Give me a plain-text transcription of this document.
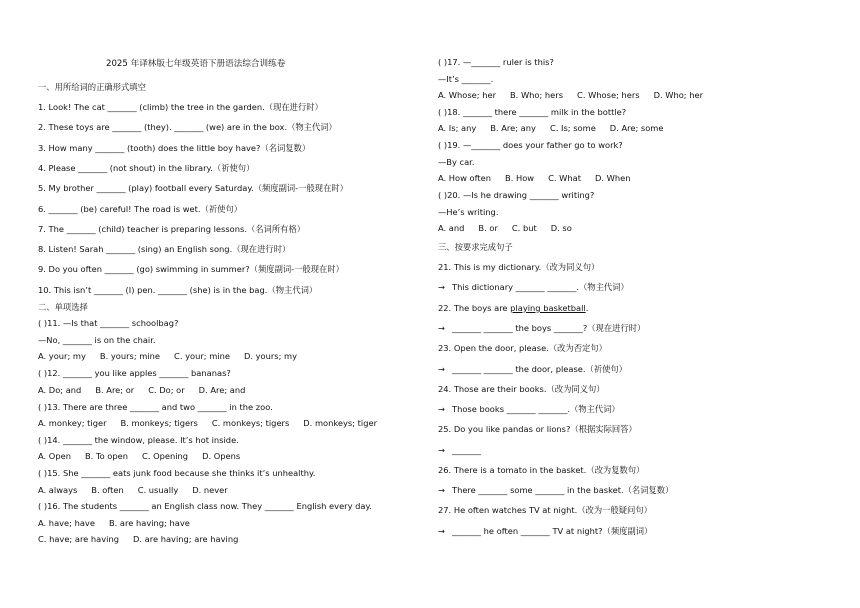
2025 年译林版七年级英语下册语法综合训练卷
一、用所给词的正确形式填空
1. Look! The cat _______ (climb) the tree in the garden.（现在进行时）
2. These toys are _______ (they). _______ (we) are in the box.（物主代词）
3. How many _______ (tooth) does the little boy have?（名词复数）
4. Please _______ (not shout) in the library.（祈使句）
5. My brother _______ (play) football every Saturday.（频度副词-一般现在时）
6. _______ (be) careful! The road is wet.（祈使句）
7. The _______ (child) teacher is preparing lessons.（名词所有格）
8. Listen! Sarah _______ (sing) an English song.（现在进行时）
9. Do you often _______ (go) swimming in summer?（频度副词-一般现在时）
10. This isn’t _______ (I) pen. _______ (she) is in the bag.（物主代词）
二、单项选择
( )11. —Is that _______ schoolbag?
—No, _______ is on the chair.
A. your; my B. yours; mine C. your; mine D. yours; my
( )12. _______ you like apples _______ bananas?
A. Do; and B. Are; or C. Do; or D. Are; and
( )13. There are three _______ and two _______ in the zoo.
A. monkey; tiger B. monkeys; tigers C. monkeys; tigers D. monkeys; tiger
( )14. _______ the window, please. It’s hot inside.
A. Open B. To open C. Opening D. Opens
( )15. She _______ eats junk food because she thinks it’s unhealthy.
A. always B. often C. usually D. never
( )16. The students _______ an English class now. They _______ English every day.
A. have; have B. are having; have
C. have; are having D. are having; are having
( )17. —_______ ruler is this?
—It’s _______.
A. Whose; her B. Who; hers C. Whose; hers D. Who; her
( )18. _______ there _______ milk in the bottle?
A. Is; any B. Are; any C. Is; some D. Are; some
( )19. —_______ does your father go to work?
—By car.
A. How often B. How C. What D. When
( )20. —Is he drawing _______ writing?
—He’s writing.
A. and B. or C. but D. so
三、按要求完成句子
21. This is my dictionary.（改为同义句）
→ This dictionary _______ _______.（物主代词）
22. The boys are playing basketball.
→ _______ _______ the boys _______?（现在进行时）
23. Open the door, please.（改为否定句）
→ _______ _______ the door, please.（祈使句）
24. Those are their books.（改为同义句）
→ Those books _______ _______.（物主代词）
25. Do you like pandas or lions?（根据实际回答）
→ _______
26. There is a tomato in the basket.（改为复数句）
→ There _______ some _______ in the basket.（名词复数）
27. He often watches TV at night.（改为一般疑问句）
→ _______ he often _______ TV at night?（频度副词）
